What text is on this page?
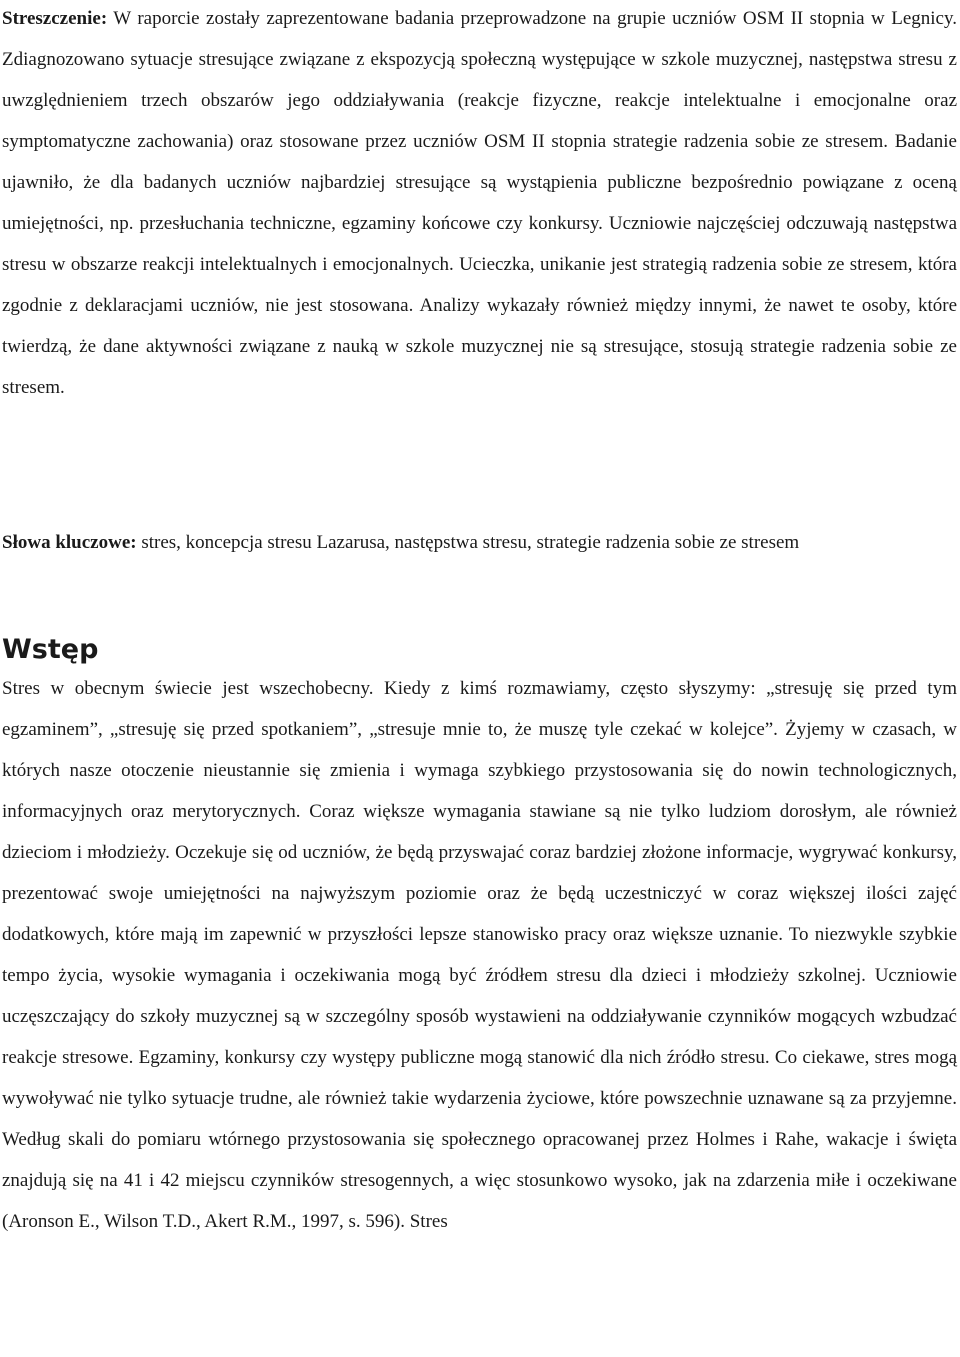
Streszczenie: W raporcie zostały zaprezentowane badania przeprowadzone na grupie uczniów OSM II stopnia w Legnicy. Zdiagnozowano sytuacje stresujące związane z ekspozycją społeczną występujące w szkole muzycznej, następstwa stresu z uwzględnieniem trzech obszarów jego oddziaływania (reakcje fizyczne, reakcje intelektualne i emocjonalne oraz symptomatyczne zachowania) oraz stosowane przez uczniów OSM II stopnia strategie radzenia sobie ze stresem. Badanie ujawniło, że dla badanych uczniów najbardziej stresujące są wystąpienia publiczne bezpośrednio powiązane z oceną umiejętności, np. przesłuchania techniczne, egzaminy końcowe czy konkursy. Uczniowie najczęściej odczuwają następstwa stresu w obszarze reakcji intelektualnych i emocjonalnych. Ucieczka, unikanie jest strategią radzenia sobie ze stresem, która zgodnie z deklaracjami uczniów, nie jest stosowana. Analizy wykazały również między innymi, że nawet te osoby, które twierdzą, że dane aktywności związane z nauką w szkole muzycznej nie są stresujące, stosują strategie radzenia sobie ze stresem.

Słowa kluczowe: stres, koncepcja stresu Lazarusa, następstwa stresu, strategie radzenia sobie ze stresem

Wstęp

Stres w obecnym świecie jest wszechobecny. Kiedy z kimś rozmawiamy, często słyszymy: „stresuję się przed tym egzaminem”, „stresuję się przed spotkaniem”, „stresuje mnie to, że muszę tyle czekać w kolejce”. Żyjemy w czasach, w których nasze otoczenie nieustannie się zmienia i wymaga szybkiego przystosowania się do nowin technologicznych, informacyjnych oraz merytorycznych. Coraz większe wymagania stawiane są nie tylko ludziom dorosłym, ale również dzieciom i młodzieży. Oczekuje się od uczniów, że będą przyswajać coraz bardziej złożone informacje, wygrywać konkursy, prezentować swoje umiejętności na najwyższym poziomie oraz że będą uczestniczyć w coraz większej ilości zajęć dodatkowych, które mają im zapewnić w przyszłości lepsze stanowisko pracy oraz większe uznanie. To niezwykle szybkie tempo życia, wysokie wymagania i oczekiwania mogą być źródłem stresu dla dzieci i młodzieży szkolnej. Uczniowie uczęszczający do szkoły muzycznej są w szczególny sposób wystawieni na oddziaływanie czynników mogących wzbudzać reakcje stresowe. Egzaminy, konkursy czy występy publiczne mogą stanowić dla nich źródło stresu. Co ciekawe, stres mogą wywoływać nie tylko sytuacje trudne, ale również takie wydarzenia życiowe, które powszechnie uznawane są za przyjemne. Według skali do pomiaru wtórnego przystosowania się społecznego opracowanej przez Holmes i Rahe, wakacje i święta znajdują się na 41 i 42 miejscu czynników stresogennych, a więc stosunkowo wysoko, jak na zdarzenia miłe i oczekiwane (Aronson E., Wilson T.D., Akert R.M., 1997, s. 596). Stres
